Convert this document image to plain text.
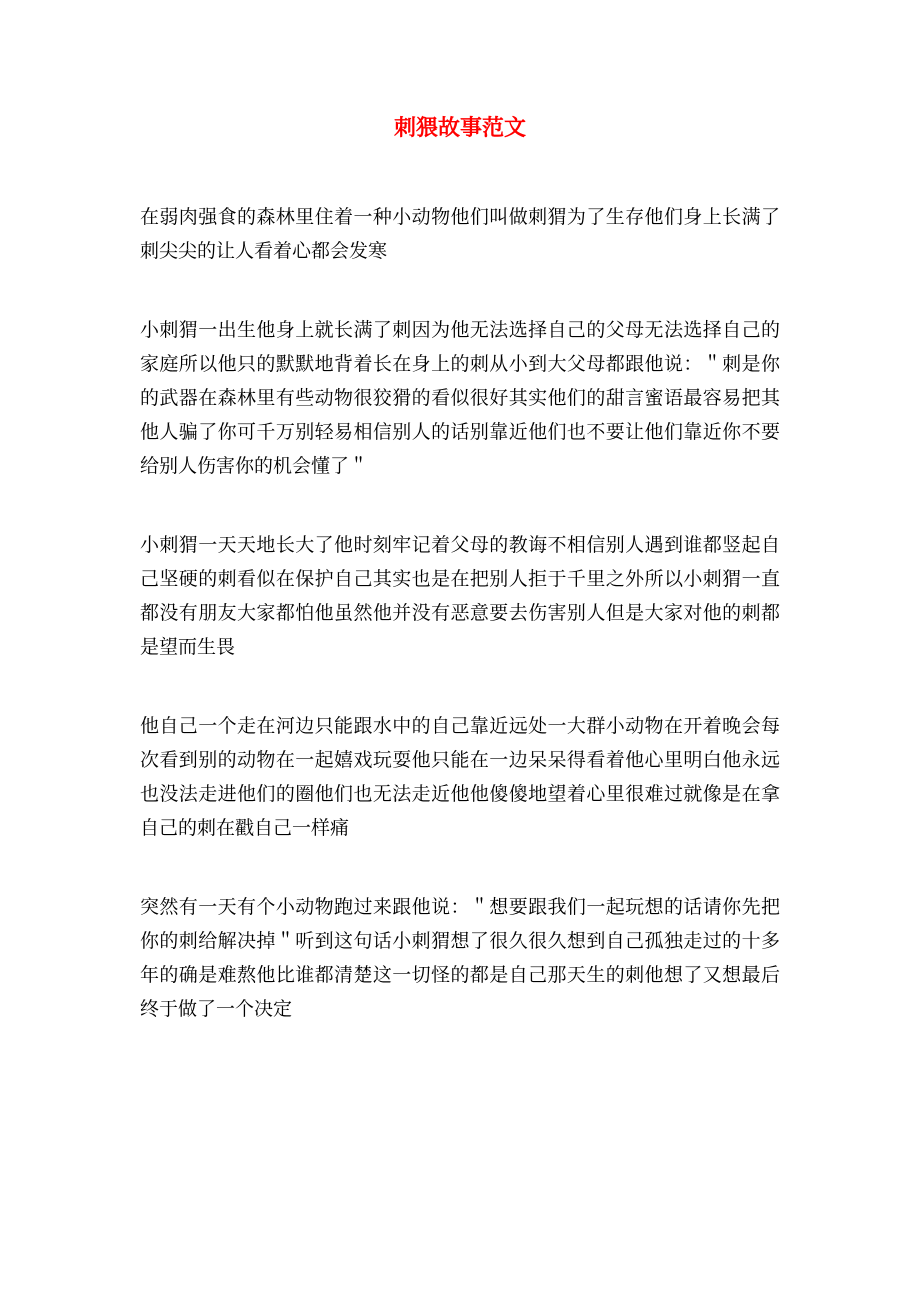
刺猥故事范文

在弱肉强食的森林里住着一种小动物他们叫做刺猬为了生存他们身上长满了刺尖尖的让人看着心都会发寒

小刺猬一出生他身上就长满了刺因为他无法选择自己的父母无法选择自己的家庭所以他只的默默地背着长在身上的刺从小到大父母都跟他说：＂刺是你的武器在森林里有些动物很狡猾的看似很好其实他们的甜言蜜语最容易把其他人骗了你可千万别轻易相信别人的话别靠近他们也不要让他们靠近你不要给别人伤害你的机会懂了＂

小刺猬一天天地长大了他时刻牢记着父母的教诲不相信别人遇到谁都竖起自己坚硬的刺看似在保护自己其实也是在把别人拒于千里之外所以小刺猬一直都没有朋友大家都怕他虽然他并没有恶意要去伤害别人但是大家对他的刺都是望而生畏

他自己一个走在河边只能跟水中的自己靠近远处一大群小动物在开着晚会每次看到别的动物在一起嬉戏玩耍他只能在一边呆呆得看着他心里明白他永远也没法走进他们的圈他们也无法走近他他傻傻地望着心里很难过就像是在拿自己的刺在戳自己一样痛

突然有一天有个小动物跑过来跟他说：＂想要跟我们一起玩想的话请你先把你的刺给解决掉＂听到这句话小刺猬想了很久很久想到自己孤独走过的十多年的确是难熬他比谁都清楚这一切怪的都是自己那天生的刺他想了又想最后终于做了一个决定
